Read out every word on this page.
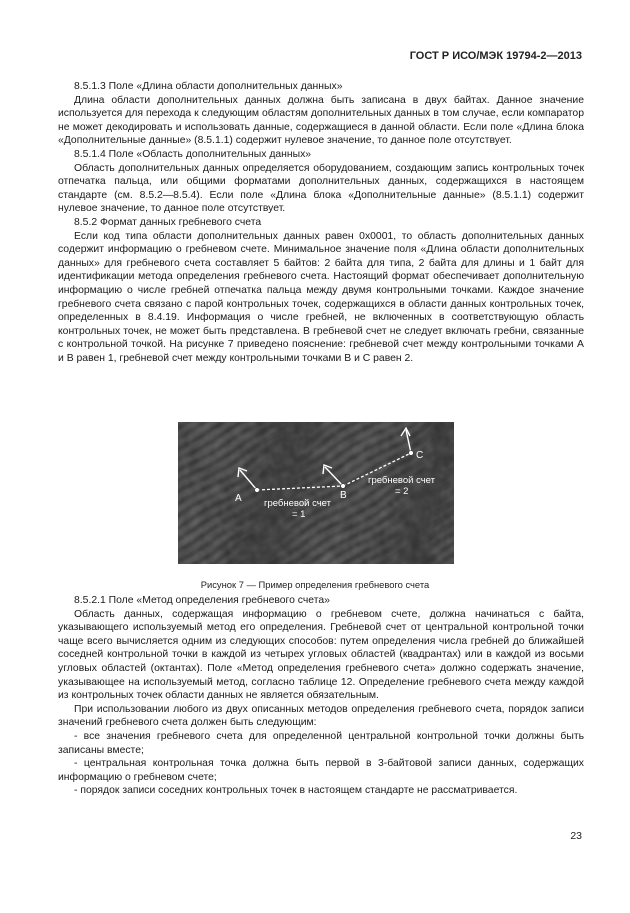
ГОСТ Р ИСО/МЭК 19794-2—2013

8.5.1.3 Поле «Длина области дополнительных данных»

Длина области дополнительных данных должна быть записана в двух байтах. Данное значение используется для перехода к следующим областям дополнительных данных в том случае, если компаратор не может декодировать и использовать данные, содержащиеся в данной области. Если поле «Длина блока «Дополнительные данные» (8.5.1.1) содержит нулевое значение, то данное поле отсутствует.

8.5.1.4 Поле «Область дополнительных данных»

Область дополнительных данных определяется оборудованием, создающим запись контрольных точек отпечатка пальца, или общими форматами дополнительных данных, содержащихся в настоящем стандарте (см. 8.5.2—8.5.4). Если поле «Длина блока «Дополнительные данные» (8.5.1.1) содержит нулевое значение, то данное поле отсутствует.

8.5.2 Формат данных гребневого счета

Если код типа области дополнительных данных равен 0x0001, то область дополнительных данных содержит информацию о гребневом счете. Минимальное значение поля «Длина области дополнительных данных» для гребневого счета составляет 5 байтов: 2 байта для типа, 2 байта для длины и 1 байт для идентификации метода определения гребневого счета. Настоящий формат обеспечивает дополнительную информацию о числе гребней отпечатка пальца между двумя контрольными точками. Каждое значение гребневого счета связано с парой контрольных точек, содержащихся в области данных контрольных точек, определенных в 8.4.19. Информация о числе гребней, не включенных в соответствующую область контрольных точек, не может быть представлена. В гребневой счет не следует включать гребни, связанные с контрольной точкой. На рисунке 7 приведено пояснение: гребневой счет между контрольными точками А и В равен 1, гребневой счет между контрольными точками В и С равен 2.

A	B
C
гребневой счет
= 1
гребневой счет
= 2
Рисунок 7 — Пример определения гребневого счета

8.5.2.1 Поле «Метод определения гребневого счета»

Область данных, содержащая информацию о гребневом счете, должна начинаться с байта, указывающего используемый метод его определения. Гребневой счет от центральной контрольной точки чаще всего вычисляется одним из следующих способов: путем определения числа гребней до ближайшей соседней контрольной точки в каждой из четырех угловых областей (квадрантах) или в каждой из восьми угловых областей (октантах). Поле «Метод определения гребневого счета» должно содержать значение, указывающее на используемый метод, согласно таблице 12. Определение гребневого счета между каждой из контрольных точек области данных не является обязательным.

При использовании любого из двух описанных методов определения гребневого счета, порядок записи значений гребневого счета должен быть следующим:

- все значения гребневого счета для определенной центральной контрольной точки должны быть записаны вместе;

- центральная контрольная точка должна быть первой в 3-байтовой записи данных, содержащих информацию о гребневом счете;

- порядок записи соседних контрольных точек в настоящем стандарте не рассматривается.

23
